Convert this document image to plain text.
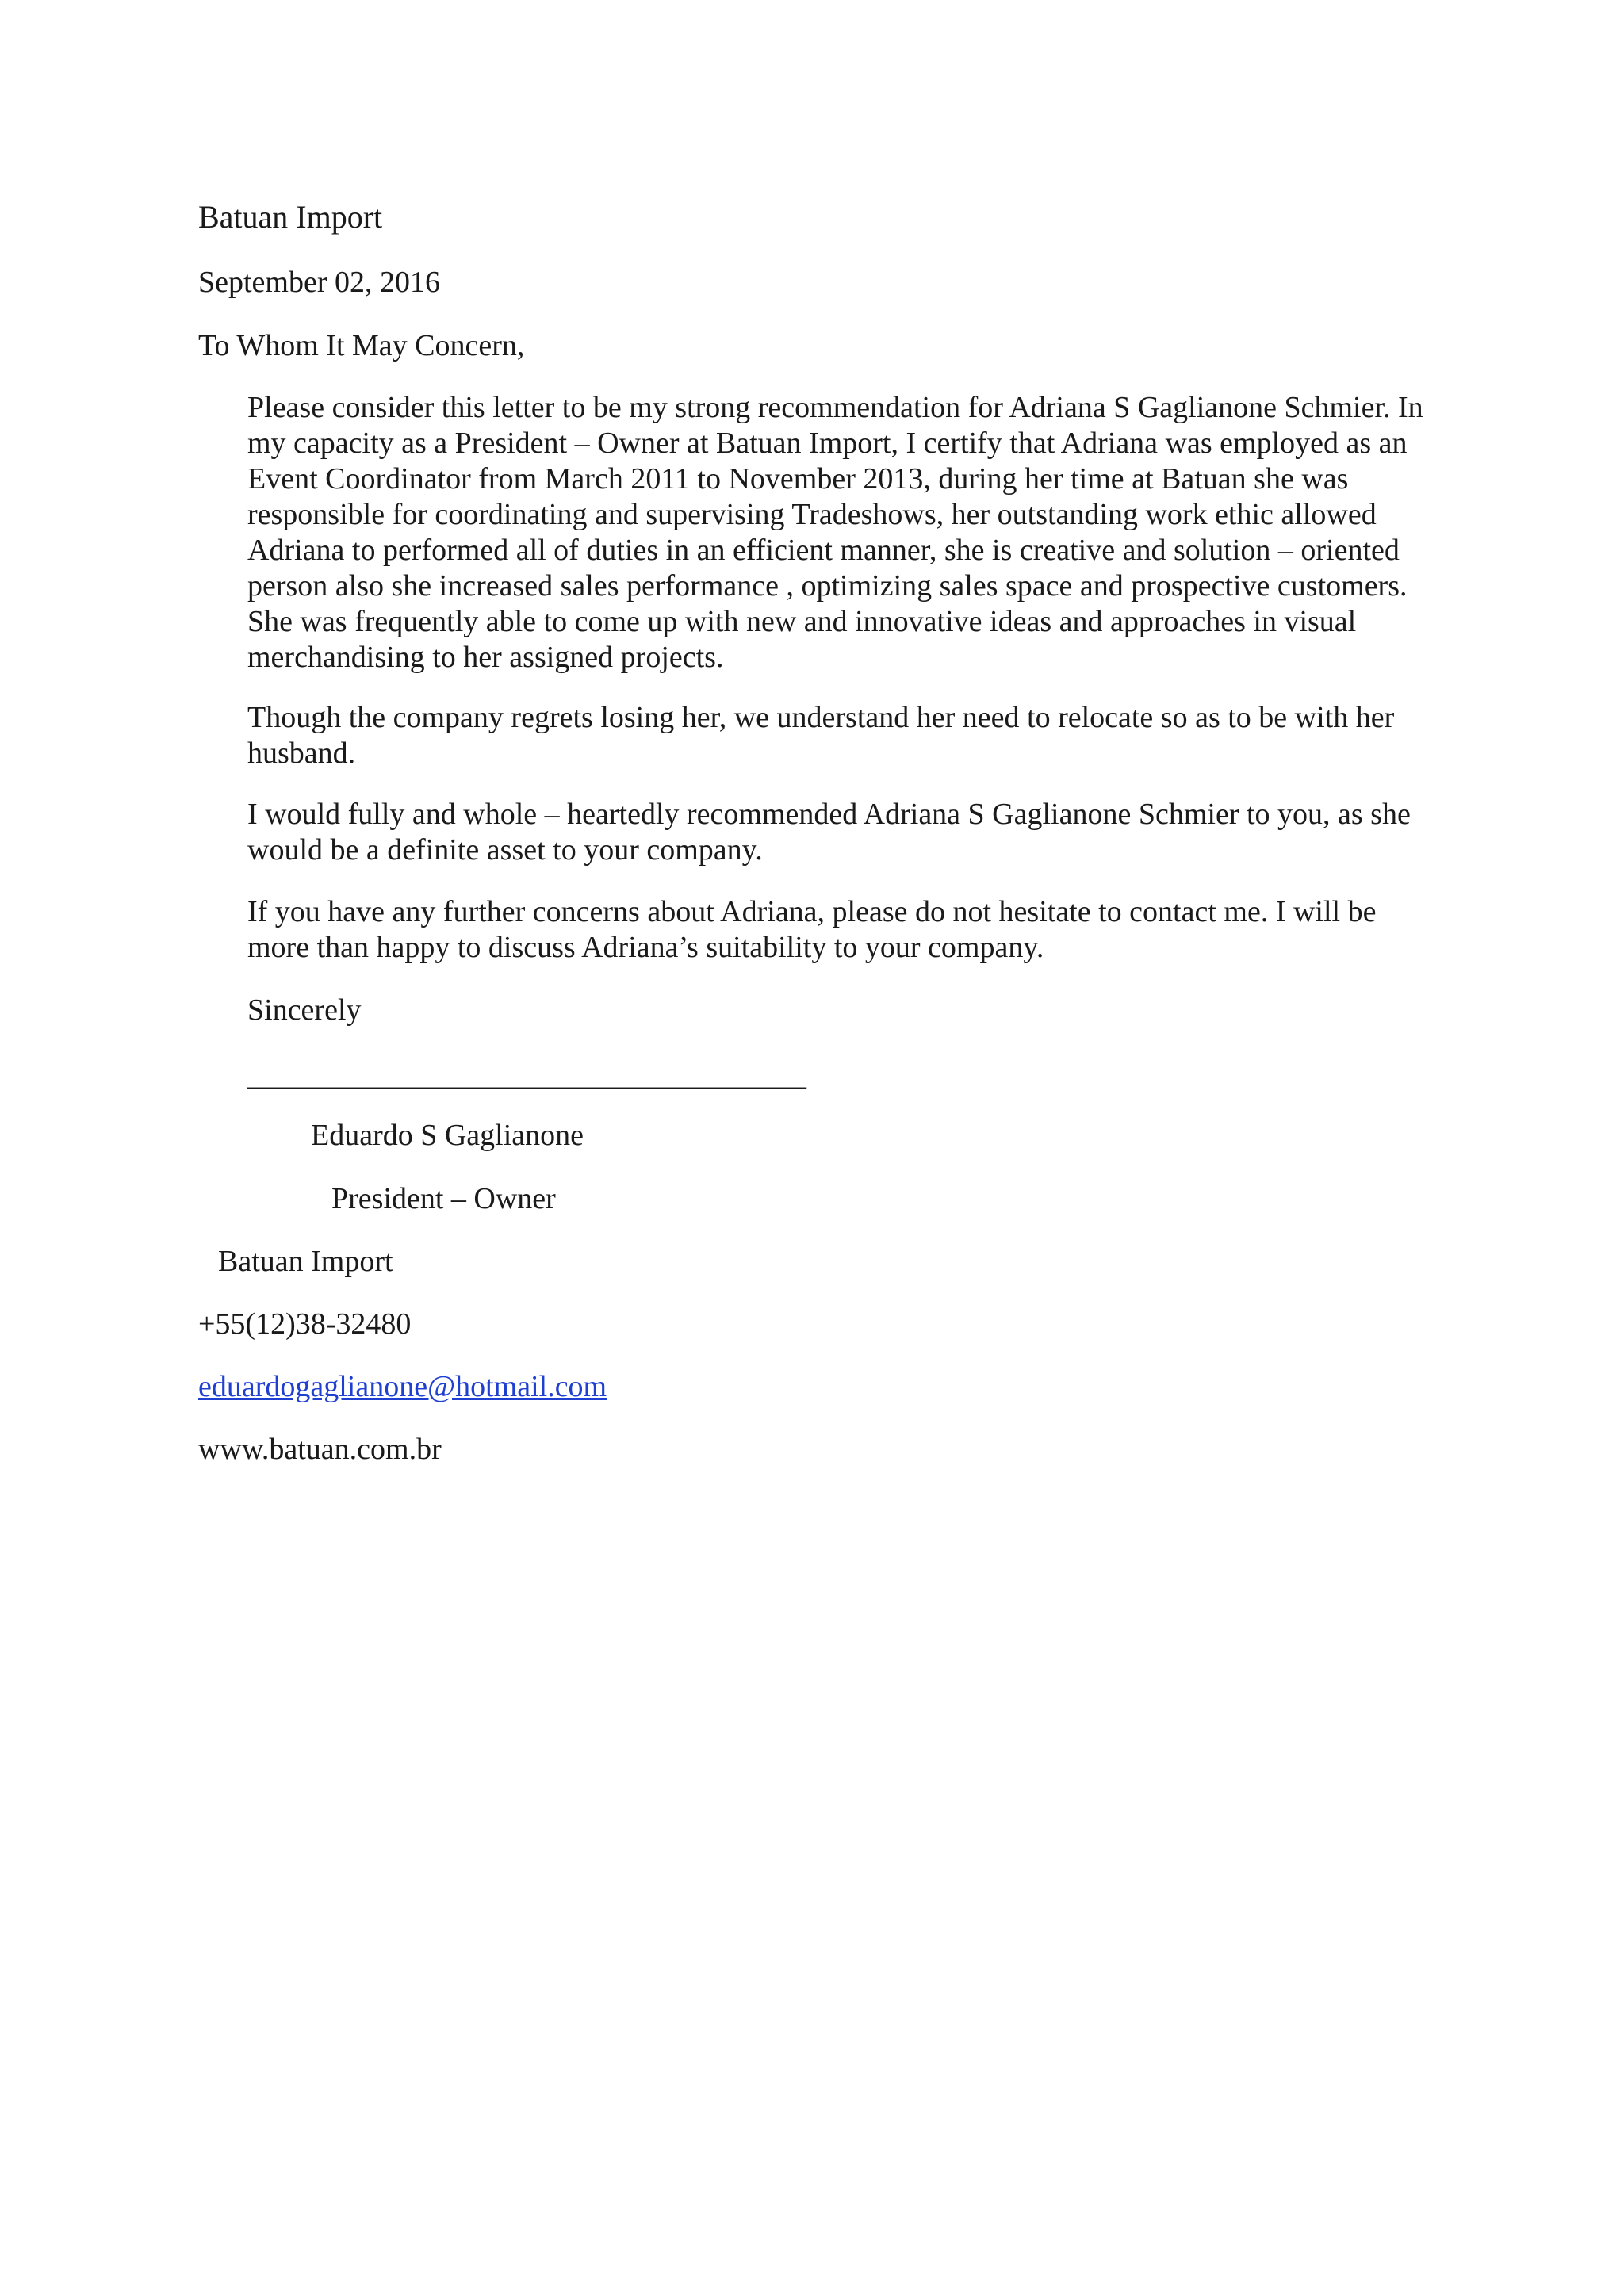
Batuan Import

September 02, 2016

To Whom It May Concern,

Please consider this letter to be my strong recommendation for Adriana S Gaglianone Schmier. In my capacity as a President – Owner at Batuan Import, I certify that Adriana was employed as an Event Coordinator from March 2011 to November 2013, during her time at Batuan she was responsible for coordinating and supervising Tradeshows, her outstanding work ethic allowed Adriana to performed all of duties in an efficient manner, she is creative and solution – oriented person also she increased sales performance , optimizing sales space and prospective customers. She was frequently able to come up with new and innovative ideas and approaches in visual merchandising to her assigned projects.

Though the company regrets losing her, we understand her need to relocate so as to be with her husband.

I would fully and whole – heartedly recommended Adriana S Gaglianone Schmier to you, as she would be a definite asset to your company.

If you have any further concerns about Adriana, please do not hesitate to contact me. I will be more than happy to discuss Adriana’s suitability to your company.

Sincerely

_______________________________________________

Eduardo S Gaglianone

President – Owner

Batuan Import

+55(12)38-32480

eduardogaglianone@hotmail.com

www.batuan.com.br
